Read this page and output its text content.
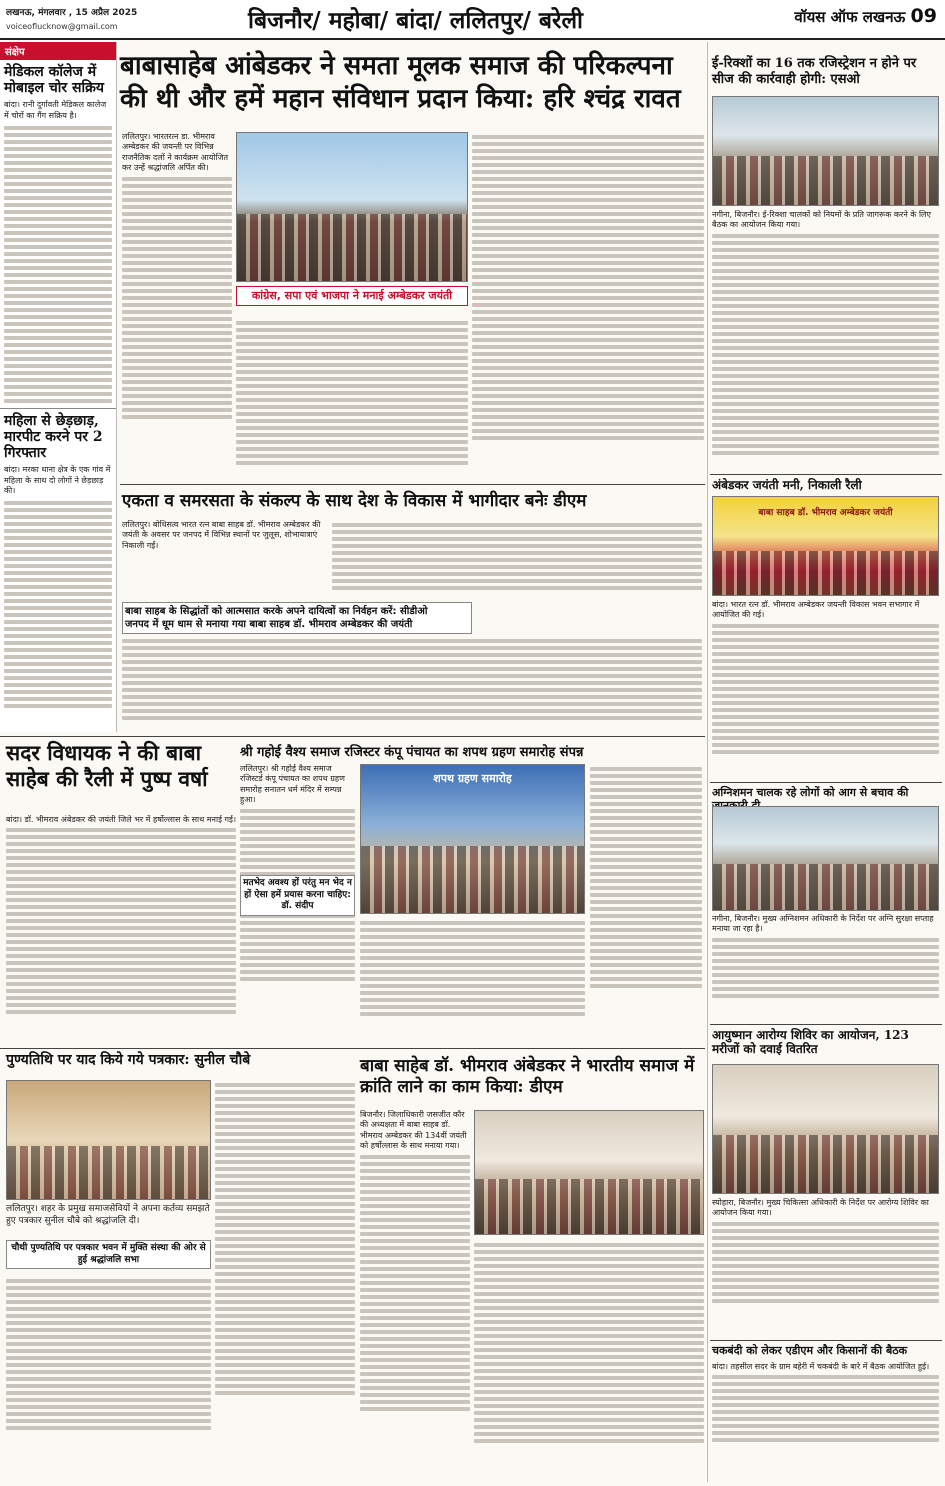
लखनऊ, मंगलवार , 15 अप्रैल 2025
voiceoflucknow@gmail.com	बिजनौर/ महोबा/ बांदा/ ललितपुर/ बरेली	वॉयस ऑफ लखनऊ 09
संक्षेप
मेडिकल कॉलेज में मोबाइल चोर सक्रिय
बांदा। रानी दुर्गावती मेडिकल कालेज में चोरों का गैंग सक्रिय है।
महिला से छेड़छाड़, मारपीट करने पर 2 गिरफ्तार
बांदा। मरका थाना क्षेत्र के एक गांव में महिला के साथ दो लोगों ने छेड़छाड़ की।
बाबासाहेब आंबेडकर ने समता मूलक समाज की परिकल्पना की थी और हमें महान संविधान प्रदान किया: हरि श्चंद्र रावत
ललितपुर। भारतरत्न डा. भीमराव अम्बेडकर की जयन्ती पर विभिन्न राजनैतिक दलों ने कार्यक्रम आयोजित कर उन्हें श्रद्धांजलि अर्पित की।
कांग्रेस, सपा एवं भाजपा ने मनाई अम्बेडकर जयंती
एकता व समरसता के संकल्प के साथ देश के विकास में भागीदार बनेः डीएम
ललितपुर। बोधिसत्व भारत रत्न बाबा साहब डॉ. भीमराव अम्बेडकर की जयंती के अवसर पर जनपद में विभिन्न स्थानों पर जुलूस, शोभायात्राएं निकाली गईं।
बाबा साहब के सिद्धांतों को आत्मसात करके अपने दायित्वों का निर्वहन करें: सीडीओ
जनपद में धूम धाम से मनाया गया बाबा साहब डॉ. भीमराव अम्बेडकर की जयंती
सदर विधायक ने की बाबा साहेब की रैली में पुष्प वर्षा
बांदा। डॉ. भीमराव अंबेडकर की जयंती जिले भर में हर्षोल्लास के साथ मनाई गई।
श्री गहोई वैश्य समाज रजिस्टर कंपू पंचायत का शपथ ग्रहण समारोह संपन्न
ललितपुर। श्री गहोई वैश्य समाज रजिस्टर्ड कंपू पंचायत का शपथ ग्रहण समारोह सनातन धर्म मंदिर में सम्पन्न हुआ।
शपथ ग्रहण समारोह
मतभेद अवश्य हों परंतु मन भेद न हों ऐसा हमें प्रयास करना चाहिए: डॉ. संदीप
पुण्यतिथि पर याद किये गये पत्रकार: सुनील चौबे
ललितपुर। शहर के प्रमुख समाजसेवियों ने अपना कर्तव्य समझते हुए पत्रकार सुनील चौबे को श्रद्धांजलि दी।
चौथी पुण्यतिथि पर पत्रकार भवन में मुक्ति संस्था की ओर से हुई श्रद्धांजलि सभा
बाबा साहेब डॉ. भीमराव अंबेडकर ने भारतीय समाज में क्रांति लाने का काम किया: डीएम
बिजनौर। जिलाधिकारी जसजीत कौर की अध्यक्षता में बाबा साहब डॉ. भीमराव अम्बेडकर की 134वीं जयंती को हर्षोल्लास के साथ मनाया गया।
ई-रिक्शों का 16 तक रजिस्ट्रेशन न होने पर सीज की कार्रवाही होगी: एसओ
नगीना, बिजनौर। ई-रिक्शा चालकों को नियमों के प्रति जागरूक करने के लिए बैठक का आयोजन किया गया।
अंबेडकर जयंती मनी, निकाली रैली
बाबा साहब डॉ. भीमराव अम्बेडकर जयंती
बांदा। भारत रत्न डॉ. भीमराव अम्बेडकर जयन्ती विकास भवन सभागार में आयोजित की गई।
अग्निशमन चालक रहे लोगों को आग से बचाव की
नगीना, बिजनौर। मुख्य अग्निशमन अधिकारी के निर्देश पर अग्नि सुरक्षा सप्ताह मनाया जा रहा है।
आयुष्मान आरोग्य शिविर का आयोजन, 123 मरीजों को दवाई वितरित
स्योहारा, बिजनौर। मुख्य चिकित्सा अधिकारी के निर्देश पर आरोग्य शिविर का आयोजन किया गया।
चकबंदी को लेकर एडीएम और किसानों की बैठक
बांदा। तहसील सदर के ग्राम बहेरी में चकबंदी के बारे में बैठक आयोजित हुई।
